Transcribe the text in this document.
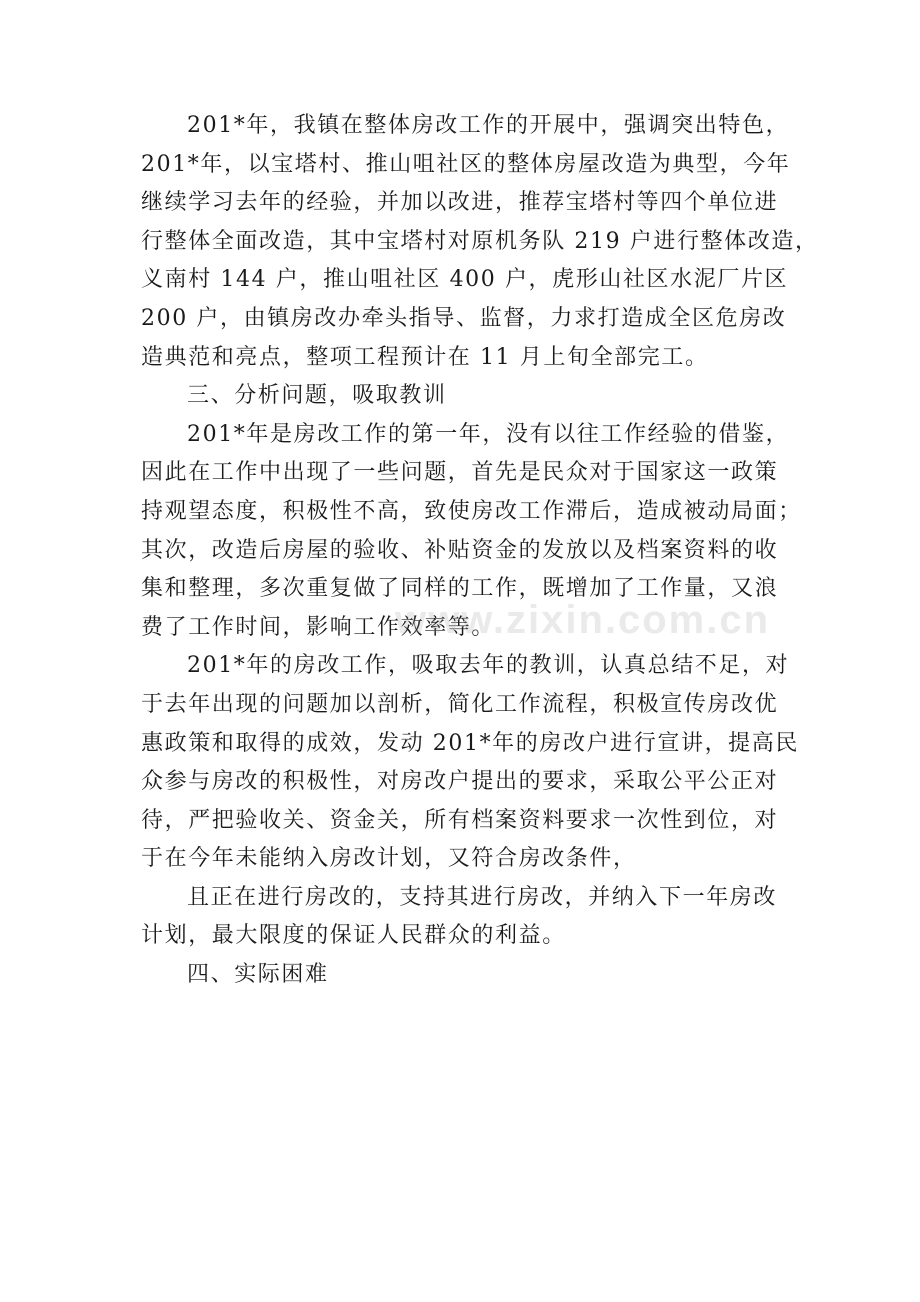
201*年，我镇在整体房改工作的开展中，强调突出特色，
201*年，以宝塔村、推山咀社区的整体房屋改造为典型，今年
继续学习去年的经验，并加以改进，推荐宝塔村等四个单位进
行整体全面改造，其中宝塔村对原机务队 219 户进行整体改造，
义南村 144 户，推山咀社区 400 户，虎形山社区水泥厂片区
200 户，由镇房改办牵头指导、监督，力求打造成全区危房改
造典范和亮点，整项工程预计在 11 月上旬全部完工。
三、分析问题，吸取教训
201*年是房改工作的第一年，没有以往工作经验的借鉴，
因此在工作中出现了一些问题，首先是民众对于国家这一政策
持观望态度，积极性不高，致使房改工作滞后，造成被动局面；
其次，改造后房屋的验收、补贴资金的发放以及档案资料的收
集和整理，多次重复做了同样的工作，既增加了工作量，又浪
费了工作时间，影响工作效率等。
201*年的房改工作，吸取去年的教训，认真总结不足，对
于去年出现的问题加以剖析，简化工作流程，积极宣传房改优
惠政策和取得的成效，发动 201*年的房改户进行宣讲，提高民
众参与房改的积极性，对房改户提出的要求，采取公平公正对
待，严把验收关、资金关，所有档案资料要求一次性到位，对
于在今年未能纳入房改计划，又符合房改条件，
且正在进行房改的，支持其进行房改，并纳入下一年房改
计划，最大限度的保证人民群众的利益。
四、实际困难
www.zixin.com.cn
